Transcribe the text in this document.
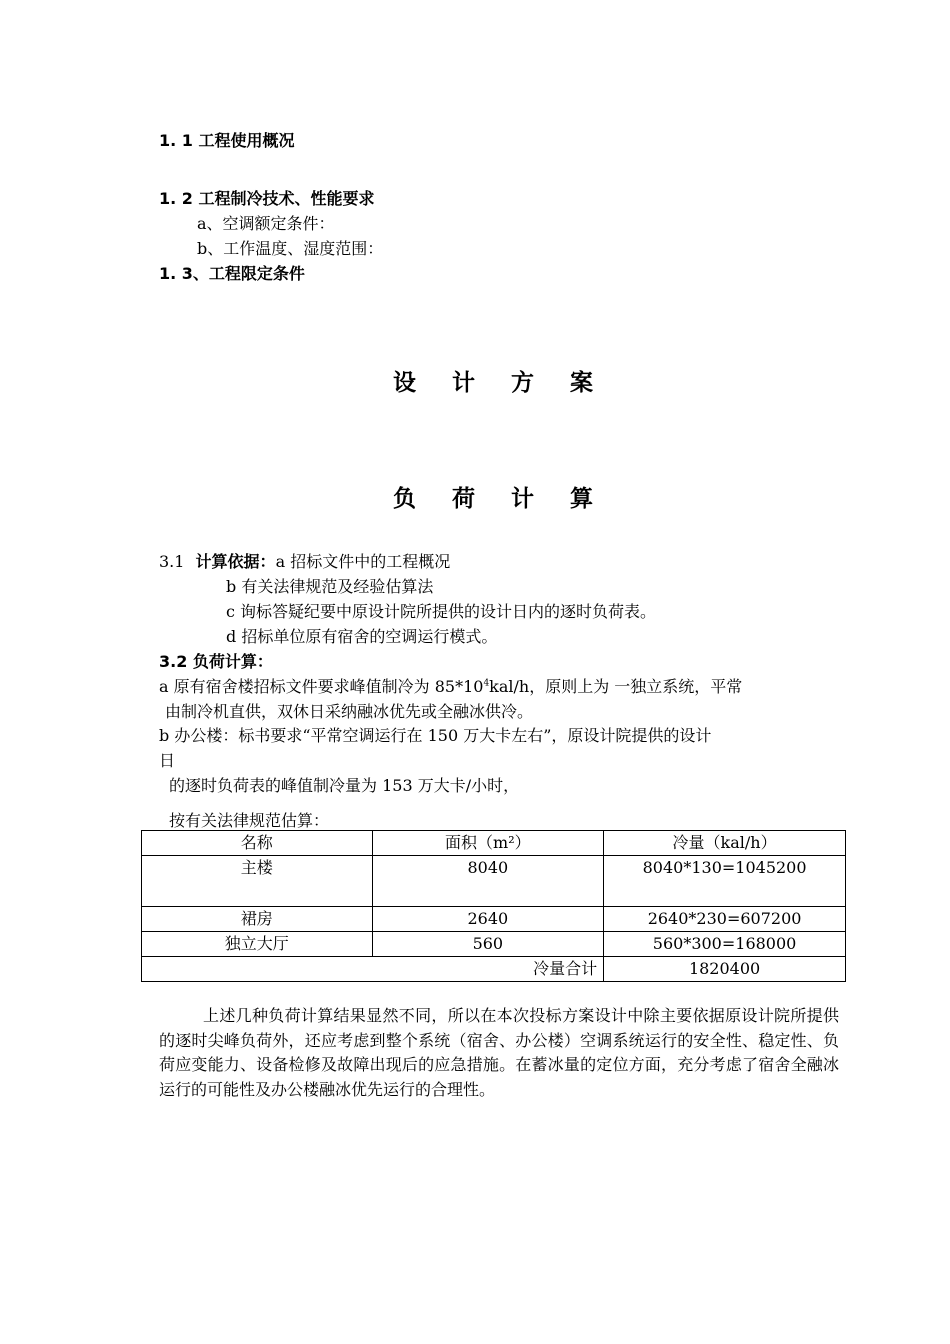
1. 1 工程使用概况
1. 2 工程制冷技术、性能要求
a、空调额定条件：
b、工作温度、湿度范围：
1. 3、工程限定条件
设 计 方 案
负 荷 计 算
3.1 计算依据：a 招标文件中的工程概况
b 有关法律规范及经验估算法
c 询标答疑纪要中原设计院所提供的设计日内的逐时负荷表。
d 招标单位原有宿舍的空调运行模式。
3.2 负荷计算：
a 原有宿舍楼招标文件要求峰值制冷为 $85*10^4kal/h$，原则上为 一独立系统，平常
由制冷机直供，双休日采纳融冰优先或全融冰供冷。
b 办公楼：标书要求“平常空调运行在 150 万大卡左右”，原设计院提供的设计
日
的逐时负荷表的峰值制冷量为 153 万大卡/小时，
按有关法律规范估算：
名称	面积（m²）	冷量（kal/h）
主楼	8040	8040*130=1045200
裙房	2640	2640*230=607200
独立大厅	560	560*300=168000
冷量合计		1820400
上述几种负荷计算结果显然不同，所以在本次投标方案设计中除主要依据原设计院所提供的逐时尖峰负荷外，还应考虑到整个系统（宿舍、办公楼）空调系统运行的安全性、稳定性、负荷应变能力、设备检修及故障出现后的应急措施。在蓄冰量的定位方面，充分考虑了宿舍全融冰运行的可能性及办公楼融冰优先运行的合理性。
